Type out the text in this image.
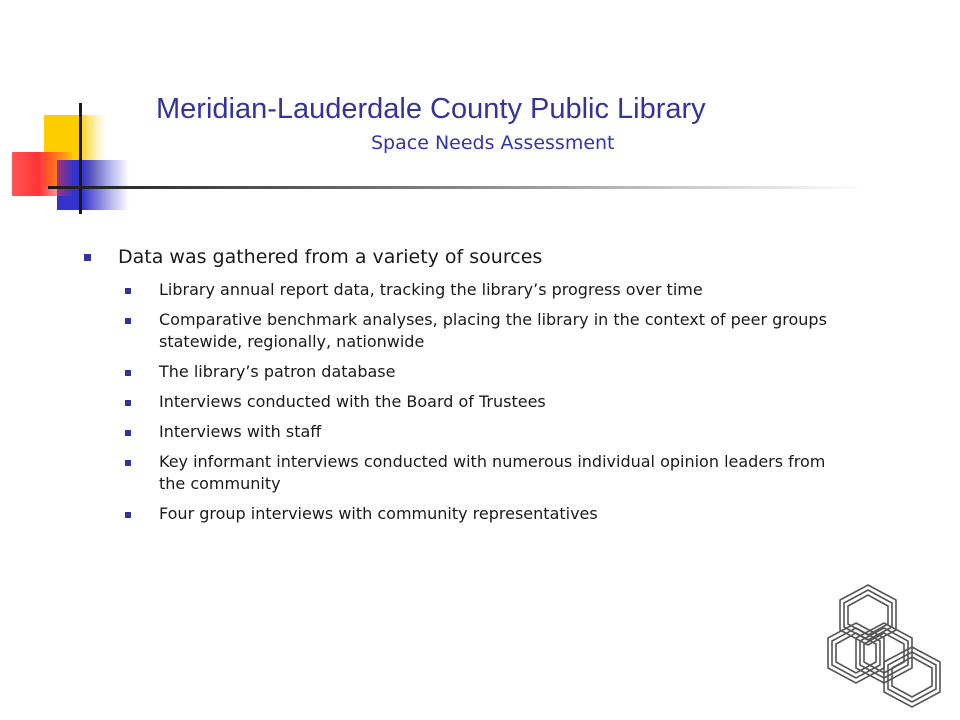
Meridian-Lauderdale County Public Library
Space Needs Assessment
Data was gathered from a variety of sources
Library annual report data, tracking the library’s progress over time
Comparative benchmark analyses, placing the library in the context of peer groups statewide, regionally, nationwide
The library’s patron database
Interviews conducted with the Board of Trustees
Interviews with staff
Key informant interviews conducted with numerous individual opinion leaders from the community
Four group interviews with community representatives
